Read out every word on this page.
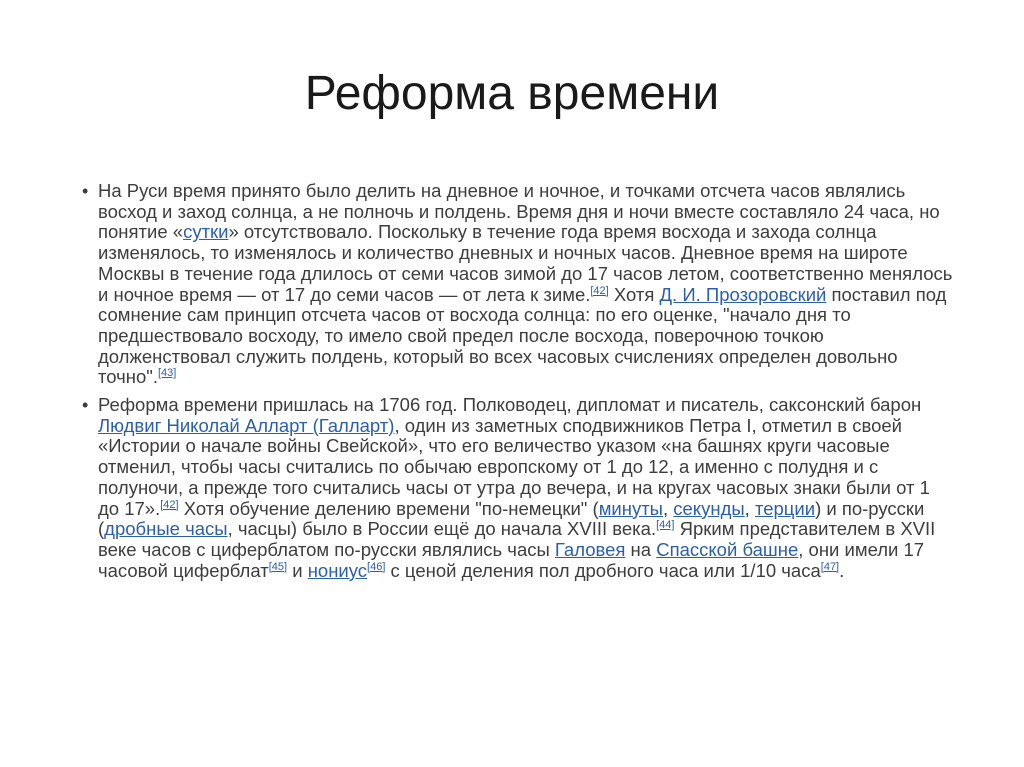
Реформа времени
• На Руси время принято было делить на дневное и ночное, и точками отсчета часов являлись восход и заход солнца, а не полночь и полдень. Время дня и ночи вместе составляло 24 часа, но понятие «сутки» отсутствовало. Поскольку в течение года время восхода и захода солнца изменялось, то изменялось и количество дневных и ночных часов. Дневное время на широте Москвы в течение года длилось от семи часов зимой до 17 часов летом, соответственно менялось и ночное время — от 17 до семи часов — от лета к зиме.[42] Хотя Д. И. Прозоровский поставил под сомнение сам принцип отсчета часов от восхода солнца: по его оценке, "начало дня то предшествовало восходу, то имело свой предел после восхода, поверочною точкою долженствовал служить полдень, который во всех часовых счислениях определен довольно точно".[43]
• Реформа времени пришлась на 1706 год. Полководец, дипломат и писатель, саксонский барон Людвиг Николай Алларт (Галларт), один из заметных сподвижников Петра I, отметил в своей «Истории о начале войны Свейской», что его величество указом «на башнях круги часовые отменил, чтобы часы считались по обычаю европскому от 1 до 12, а именно с полудня и с полуночи, а прежде того считались часы от утра до вечера, и на кругах часовых знаки были от 1 до 17».[42] Хотя обучение делению времени "по-немецки" (минуты, секунды, терции) и по-русски (дробные часы, часцы) было в России ещё до начала XVIII века.[44] Ярким представителем в XVII веке часов с циферблатом по-русски являлись часы Галовея на Спасской башне, они имели 17 часовой циферблат[45] и нониус[46] с ценой деления пол дробного часа или 1/10 часа[47].
